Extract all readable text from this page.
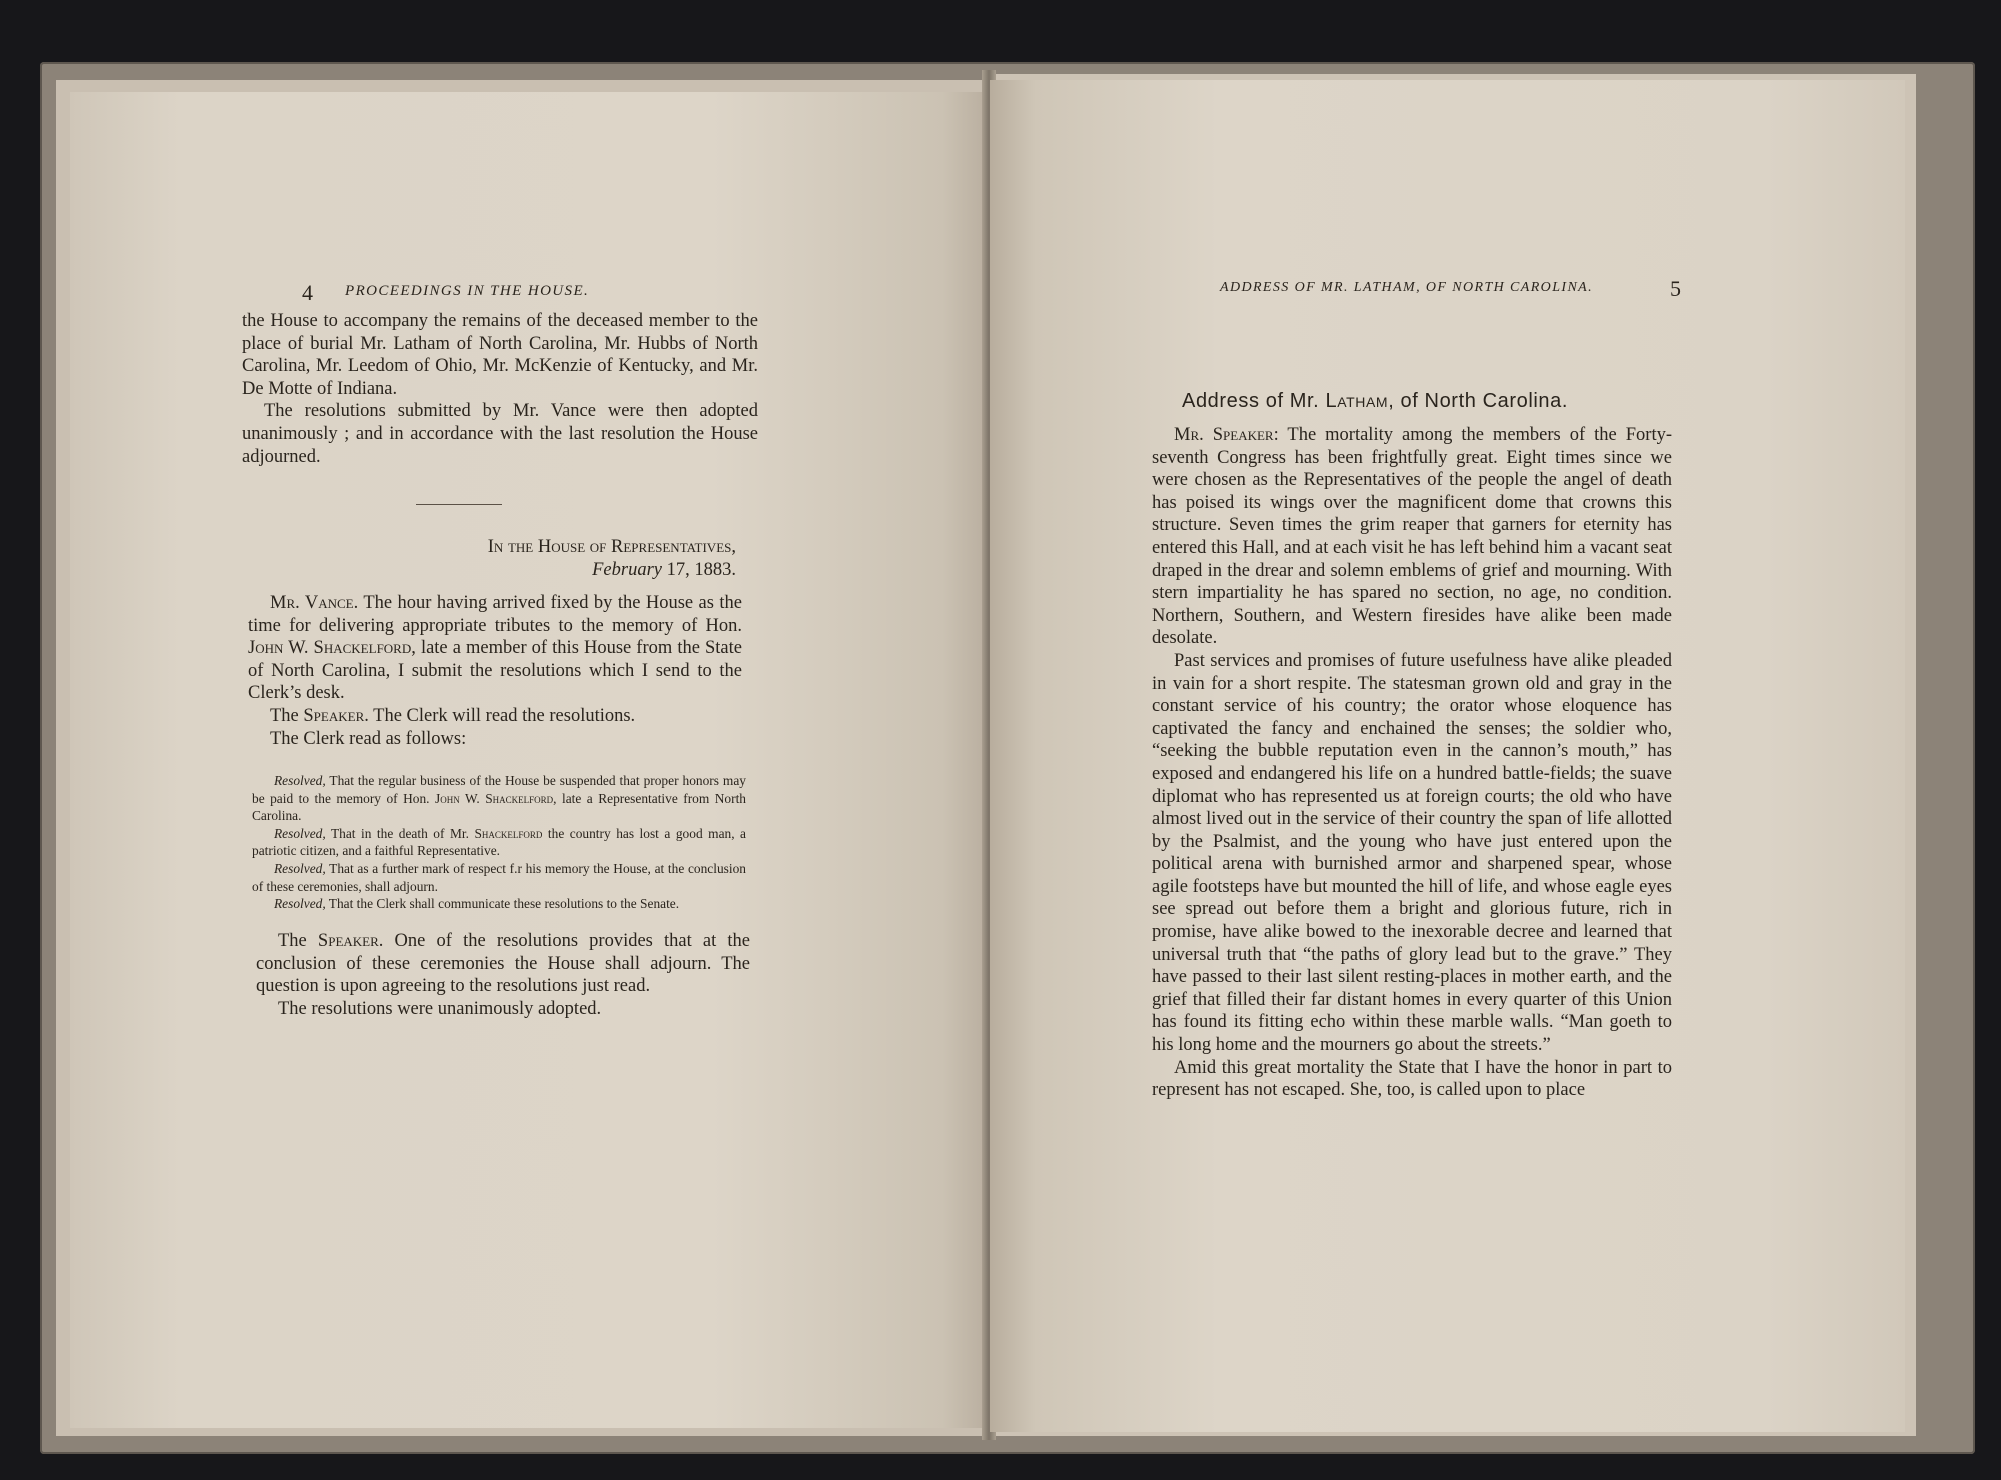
4 PROCEEDINGS IN THE HOUSE.

the House to accompany the remains of the deceased member to the place of burial Mr. Latham of North Carolina, Mr. Hubbs of North Carolina, Mr. Leedom of Ohio, Mr. McKenzie of Kentucky, and Mr. De Motte of Indiana.

The resolutions submitted by Mr. Vance were then adopted unanimously ; and in accordance with the last resolution the House adjourned.

In the House of Representatives,

February 17, 1883.

Mr. Vance. The hour having arrived fixed by the House as the time for delivering appropriate tributes to the memory of Hon. John W. Shackelford, late a member of this House from the State of North Carolina, I submit the resolutions which I send to the Clerk’s desk.

The Speaker. The Clerk will read the resolutions.

The Clerk read as follows:

Resolved, That the regular business of the House be suspended that proper honors may be paid to the memory of Hon. John W. Shackelford, late a Representative from North Carolina.

Resolved, That in the death of Mr. Shackelford the country has lost a good man, a patriotic citizen, and a faithful Representative.

Resolved, That as a further mark of respect f.r his memory the House, at the conclusion of these ceremonies, shall adjourn.

Resolved, That the Clerk shall communicate these resolutions to the Senate.

The Speaker. One of the resolutions provides that at the conclusion of these ceremonies the House shall adjourn. The question is upon agreeing to the resolutions just read.

The resolutions were unanimously adopted.

ADDRESS OF MR. LATHAM, OF NORTH CAROLINA.	5
Address of Mr. Latham, of North Carolina.

Mr. Speaker: The mortality among the members of the Forty-seventh Congress has been frightfully great. Eight times since we were chosen as the Representatives of the people the angel of death has poised its wings over the magnificent dome that crowns this structure. Seven times the grim reaper that garners for eternity has entered this Hall, and at each visit he has left behind him a vacant seat draped in the drear and solemn emblems of grief and mourning. With stern impartiality he has spared no section, no age, no condition. Northern, Southern, and Western firesides have alike been made desolate.

Past services and promises of future usefulness have alike pleaded in vain for a short respite. The statesman grown old and gray in the constant service of his country; the orator whose eloquence has captivated the fancy and enchained the senses; the soldier who, “seeking the bubble reputation even in the cannon’s mouth,” has exposed and endangered his life on a hundred battle-fields; the suave diplomat who has represented us at foreign courts; the old who have almost lived out in the service of their country the span of life allotted by the Psalmist, and the young who have just entered upon the political arena with burnished armor and sharpened spear, whose agile footsteps have but mounted the hill of life, and whose eagle eyes see spread out before them a bright and glorious future, rich in promise, have alike bowed to the inexorable decree and learned that universal truth that “the paths of glory lead but to the grave.” They have passed to their last silent resting-places in mother earth, and the grief that filled their far distant homes in every quarter of this Union has found its fitting echo within these marble walls. “Man goeth to his long home and the mourners go about the streets.”

Amid this great mortality the State that I have the honor in part to represent has not escaped. She, too, is called upon to place
